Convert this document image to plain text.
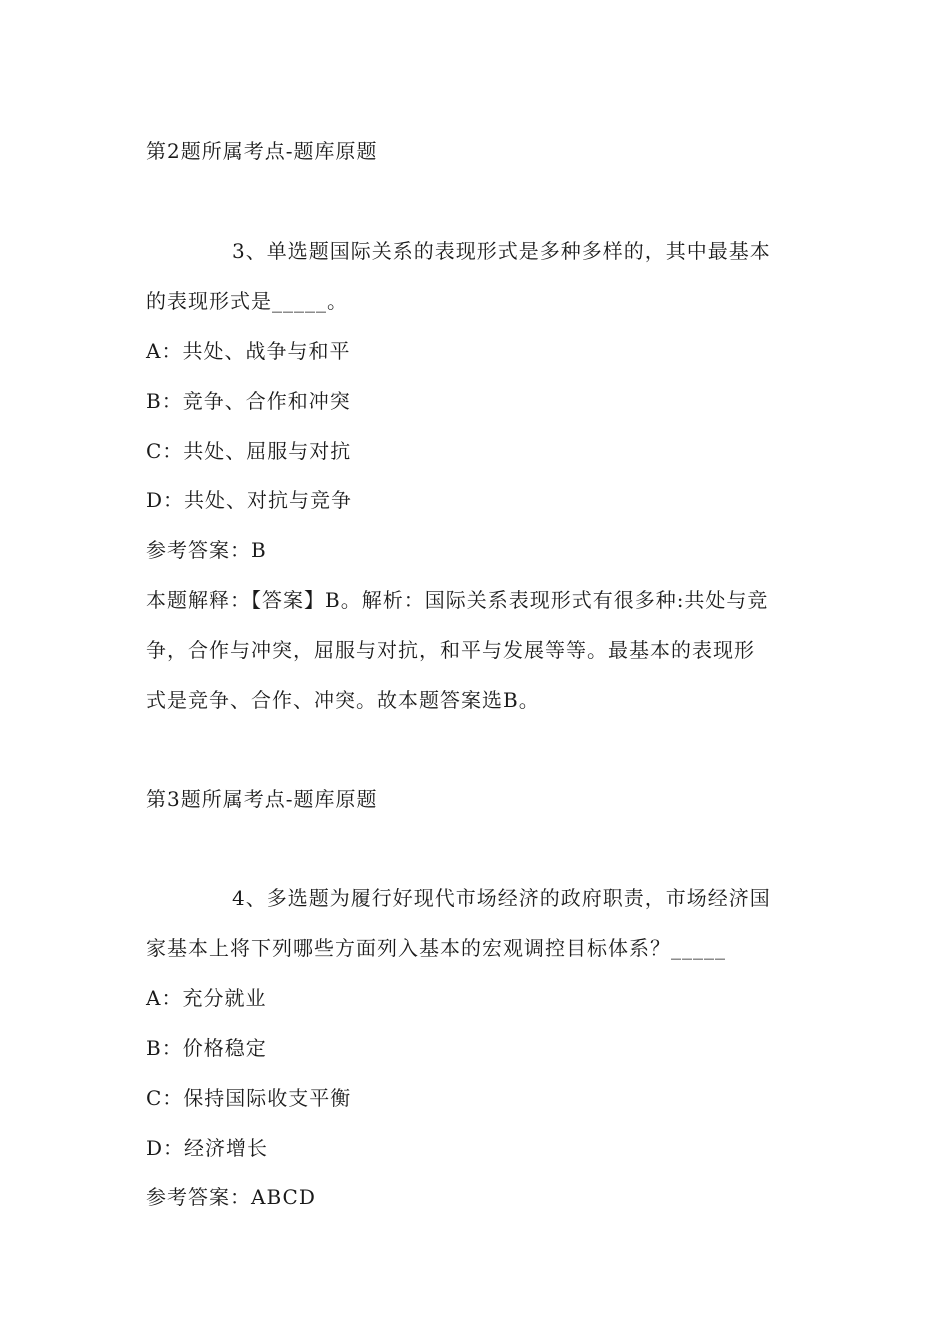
第2题所属考点-题库原题
3、单选题国际关系的表现形式是多种多样的，其中最基本
的表现形式是_____。
A：共处、战争与和平
B：竞争、合作和冲突
C：共处、屈服与对抗
D：共处、对抗与竞争
参考答案：B
本题解释：【答案】B。解析：国际关系表现形式有很多种:共处与竞
争，合作与冲突，屈服与对抗，和平与发展等等。最基本的表现形
式是竞争、合作、冲突。故本题答案选B。
第3题所属考点-题库原题
4、多选题为履行好现代市场经济的政府职责，市场经济国
家基本上将下列哪些方面列入基本的宏观调控目标体系？_____
A：充分就业
B：价格稳定
C：保持国际收支平衡
D：经济增长
参考答案：ABCD
